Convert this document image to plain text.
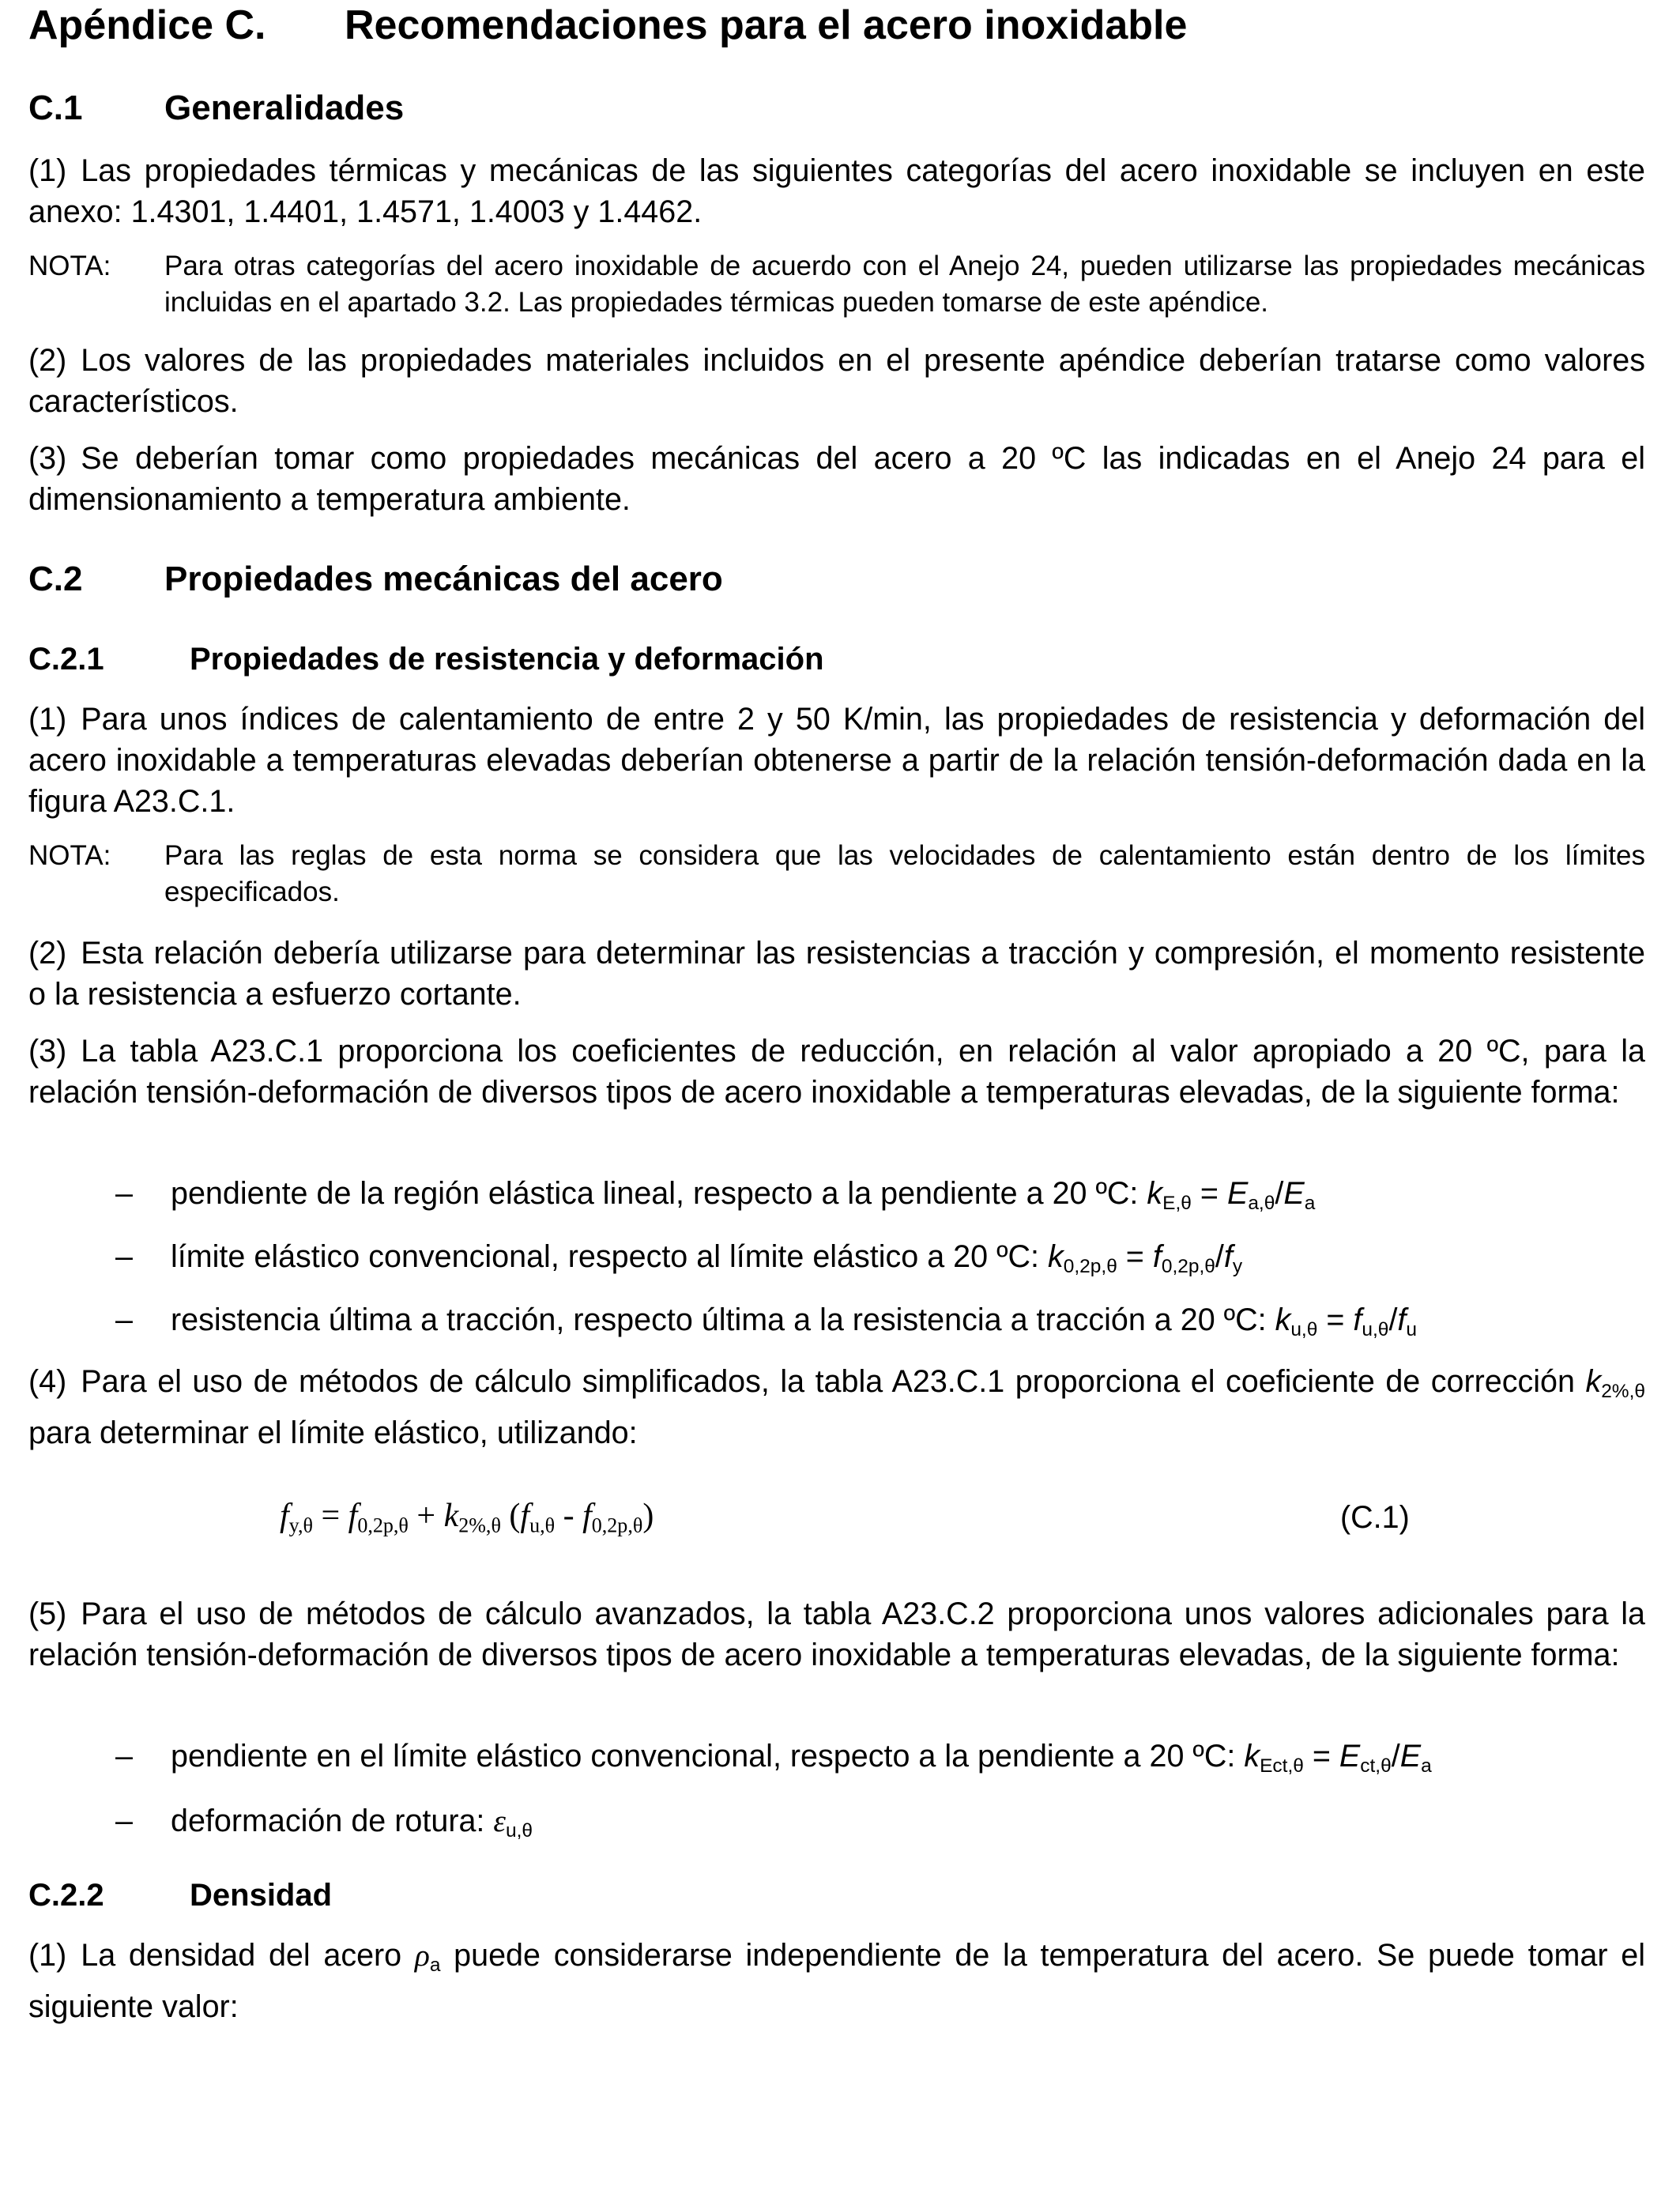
Apéndice C. Recomendaciones para el acero inoxidable
C.1 Generalidades
(1) Las propiedades térmicas y mecánicas de las siguientes categorías del acero inoxidable se incluyen en este anexo: 1.4301, 1.4401, 1.4571, 1.4003 y 1.4462.
NOTA: Para otras categorías del acero inoxidable de acuerdo con el Anejo 24, pueden utilizarse las propiedades mecánicas incluidas en el apartado 3.2. Las propiedades térmicas pueden tomarse de este apéndice.
(2) Los valores de las propiedades materiales incluidos en el presente apéndice deberían tratarse como valores característicos.
(3) Se deberían tomar como propiedades mecánicas del acero a 20 ºC las indicadas en el Anejo 24 para el dimensionamiento a temperatura ambiente.
C.2 Propiedades mecánicas del acero
C.2.1	Propiedades de resistencia y deformación
(1) Para unos índices de calentamiento de entre 2 y 50 K/min, las propiedades de resistencia y deformación del acero inoxidable a temperaturas elevadas deberían obtenerse a partir de la relación tensión-deformación dada en la figura A23.C.1.
NOTA: Para las reglas de esta norma se considera que las velocidades de calentamiento están dentro de los límites especificados.
(2) Esta relación debería utilizarse para determinar las resistencias a tracción y compresión, el momento resistente o la resistencia a esfuerzo cortante.
(3) La tabla A23.C.1 proporciona los coeficientes de reducción, en relación al valor apropiado a 20 ºC, para la relación tensión-deformación de diversos tipos de acero inoxidable a temperaturas elevadas, de la siguiente forma:
– pendiente de la región elástica lineal, respecto a la pendiente a 20 ºC: $k_{E,\theta} = E_{a,\theta}/E_a$
– límite elástico convencional, respecto al límite elástico a 20 ºC: $k_{0,2p,\theta} = f_{0,2p,\theta}/f_y$
– resistencia última a tracción, respecto última a la resistencia a tracción a 20 ºC: $k_{u,\theta} = f_{u,\theta}/f_u$
(4) Para el uso de métodos de cálculo simplificados, la tabla A23.C.1 proporciona el coeficiente de corrección $k_{2\%,\theta}$ para determinar el límite elástico, utilizando:
$f_{y,\theta} = f_{0,2p,\theta} + k_{2\%,\theta}$ $(f_{u,\theta} - f_{0,2p,\theta})$	(C.1)
(5) Para el uso de métodos de cálculo avanzados, la tabla A23.C.2 proporciona unos valores adicionales para la relación tensión-deformación de diversos tipos de acero inoxidable a temperaturas elevadas, de la siguiente forma:
– pendiente en el límite elástico convencional, respecto a la pendiente a 20 ºC: $k_{Ect,\theta} = E_{ct,\theta}/E_a$
– deformación de rotura: $\varepsilon_{u,\theta}$
C.2.2	Densidad
(1) La densidad del acero $\rho_a$ puede considerarse independiente de la temperatura del acero. Se puede tomar el siguiente valor:
